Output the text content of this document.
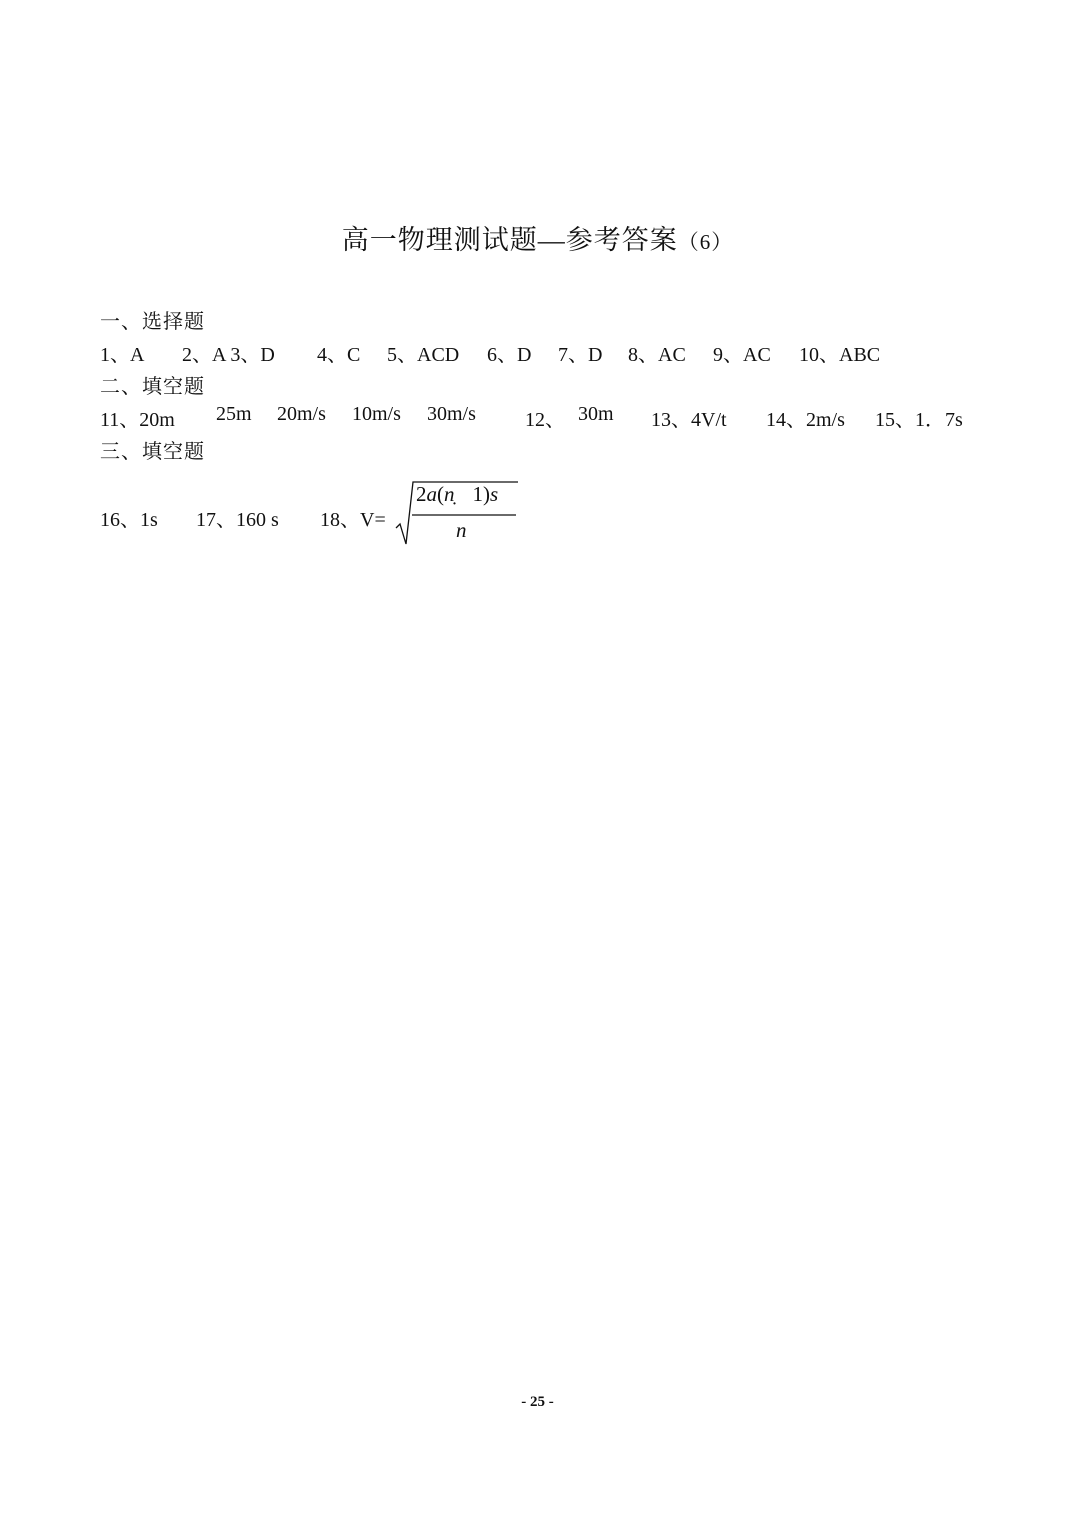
高一物理测试题—参考答案（6）
一、选择题
1、A 2、A 3、D 4、C 5、ACD 6、D 7、D 8、AC 9、AC 10、ABC
二、填空题
11、20m 25m 20m/s 10m/s 30m/s 12、 30m 13、4V/t 14、2m/s 15、1．7s
三、填空题
16、1s 17、160 s 18、V=
2a(n 1)s
n
- 25 -
